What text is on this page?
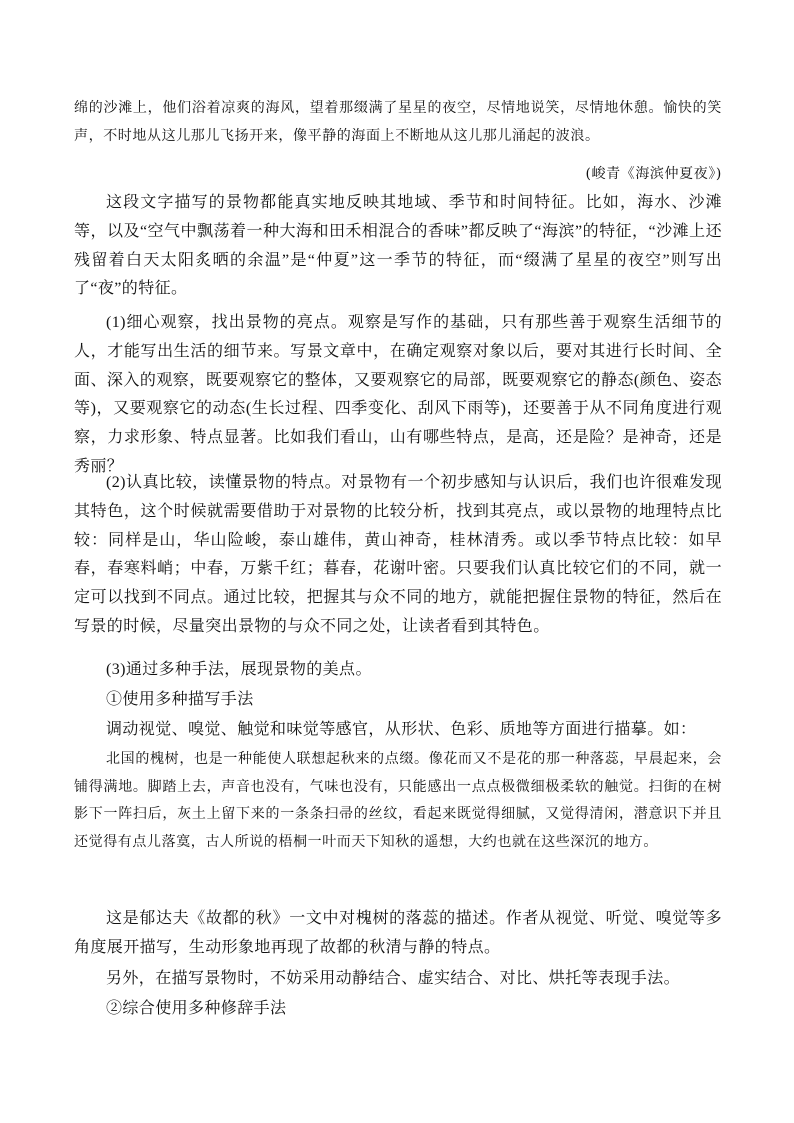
绵的沙滩上，他们浴着凉爽的海风，望着那缀满了星星的夜空，尽情地说笑，尽情地休憩。愉快的笑声，不时地从这儿那儿飞扬开来，像平静的海面上不断地从这儿那儿涌起的波浪。

(峻青《海滨仲夏夜》)

这段文字描写的景物都能真实地反映其地域、季节和时间特征。比如，海水、沙滩等，以及“空气中飘荡着一种大海和田禾相混合的香味”都反映了“海滨”的特征，“沙滩上还残留着白天太阳炙晒的余温”是“仲夏”这一季节的特征，而“缀满了星星的夜空”则写出了“夜”的特征。

(1)细心观察，找出景物的亮点。观察是写作的基础，只有那些善于观察生活细节的人，才能写出生活的细节来。写景文章中，在确定观察对象以后，要对其进行长时间、全面、深入的观察，既要观察它的整体，又要观察它的局部，既要观察它的静态(颜色、姿态等)，又要观察它的动态(生长过程、四季变化、刮风下雨等)，还要善于从不同角度进行观察，力求形象、特点显著。比如我们看山，山有哪些特点，是高，还是险？是神奇，还是秀丽？

(2)认真比较，读懂景物的特点。对景物有一个初步感知与认识后，我们也许很难发现其特色，这个时候就需要借助于对景物的比较分析，找到其亮点，或以景物的地理特点比较：同样是山，华山险峻，泰山雄伟，黄山神奇，桂林清秀。或以季节特点比较：如早春，春寒料峭；中春，万紫千红；暮春，花谢叶密。只要我们认真比较它们的不同，就一定可以找到不同点。通过比较，把握其与众不同的地方，就能把握住景物的特征，然后在写景的时候，尽量突出景物的与众不同之处，让读者看到其特色。

(3)通过多种手法，展现景物的美点。

①使用多种描写手法

调动视觉、嗅觉、触觉和味觉等感官，从形状、色彩、质地等方面进行描摹。如：

北国的槐树，也是一种能使人联想起秋来的点缀。像花而又不是花的那一种落蕊，早晨起来，会铺得满地。脚踏上去，声音也没有，气味也没有，只能感出一点点极微细极柔软的触觉。扫街的在树影下一阵扫后，灰土上留下来的一条条扫帚的丝纹，看起来既觉得细腻，又觉得清闲，潜意识下并且还觉得有点儿落寞，古人所说的梧桐一叶而天下知秋的遥想，大约也就在这些深沉的地方。

这是郁达夫《故都的秋》一文中对槐树的落蕊的描述。作者从视觉、听觉、嗅觉等多角度展开描写，生动形象地再现了故都的秋清与静的特点。

另外，在描写景物时，不妨采用动静结合、虚实结合、对比、烘托等表现手法。

②综合使用多种修辞手法
